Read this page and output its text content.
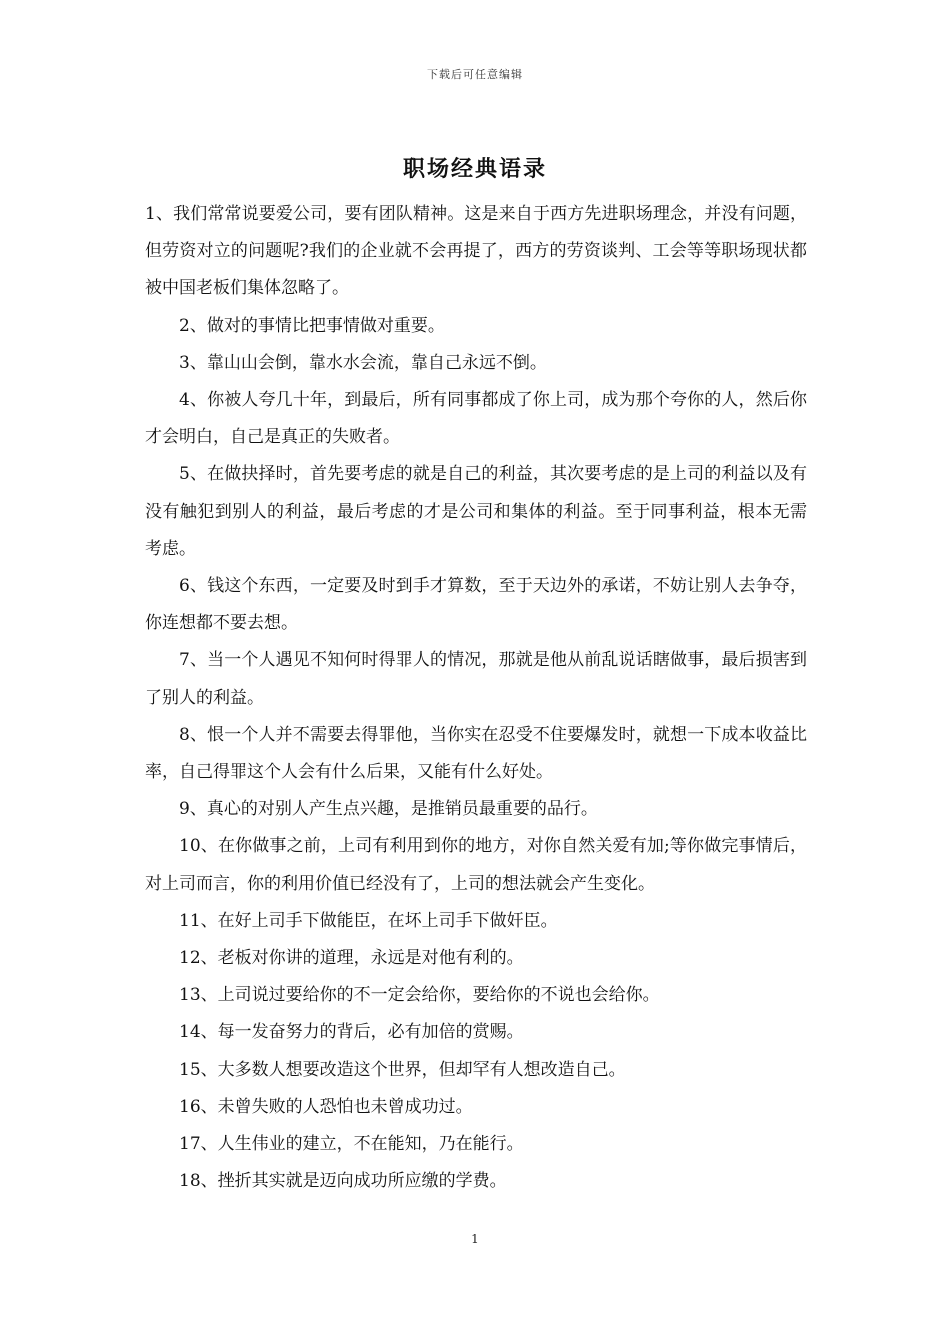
下载后可任意编辑
职场经典语录

1、我们常常说要爱公司，要有团队精神。这是来自于西方先进职场理念，并没有问题，但劳资对立的问题呢?我们的企业就不会再提了，西方的劳资谈判、工会等等职场现状都被中国老板们集体忽略了。

2、做对的事情比把事情做对重要。

3、靠山山会倒，靠水水会流，靠自己永远不倒。

4、你被人夸几十年，到最后，所有同事都成了你上司，成为那个夸你的人，然后你才会明白，自己是真正的失败者。

5、在做抉择时，首先要考虑的就是自己的利益，其次要考虑的是上司的利益以及有没有触犯到别人的利益，最后考虑的才是公司和集体的利益。至于同事利益，根本无需考虑。

6、钱这个东西，一定要及时到手才算数，至于天边外的承诺，不妨让别人去争夺，你连想都不要去想。

7、当一个人遇见不知何时得罪人的情况，那就是他从前乱说话瞎做事，最后损害到了别人的利益。

8、恨一个人并不需要去得罪他，当你实在忍受不住要爆发时，就想一下成本收益比率，自己得罪这个人会有什么后果，又能有什么好处。

9、真心的对别人产生点兴趣，是推销员最重要的品行。

10、在你做事之前，上司有利用到你的地方，对你自然关爱有加;等你做完事情后，对上司而言，你的利用价值已经没有了，上司的想法就会产生变化。

11、在好上司手下做能臣，在坏上司手下做奸臣。

12、老板对你讲的道理，永远是对他有利的。

13、上司说过要给你的不一定会给你，要给你的不说也会给你。

14、每一发奋努力的背后，必有加倍的赏赐。

15、大多数人想要改造这个世界，但却罕有人想改造自己。

16、未曾失败的人恐怕也未曾成功过。

17、人生伟业的建立，不在能知，乃在能行。

18、挫折其实就是迈向成功所应缴的学费。

1
